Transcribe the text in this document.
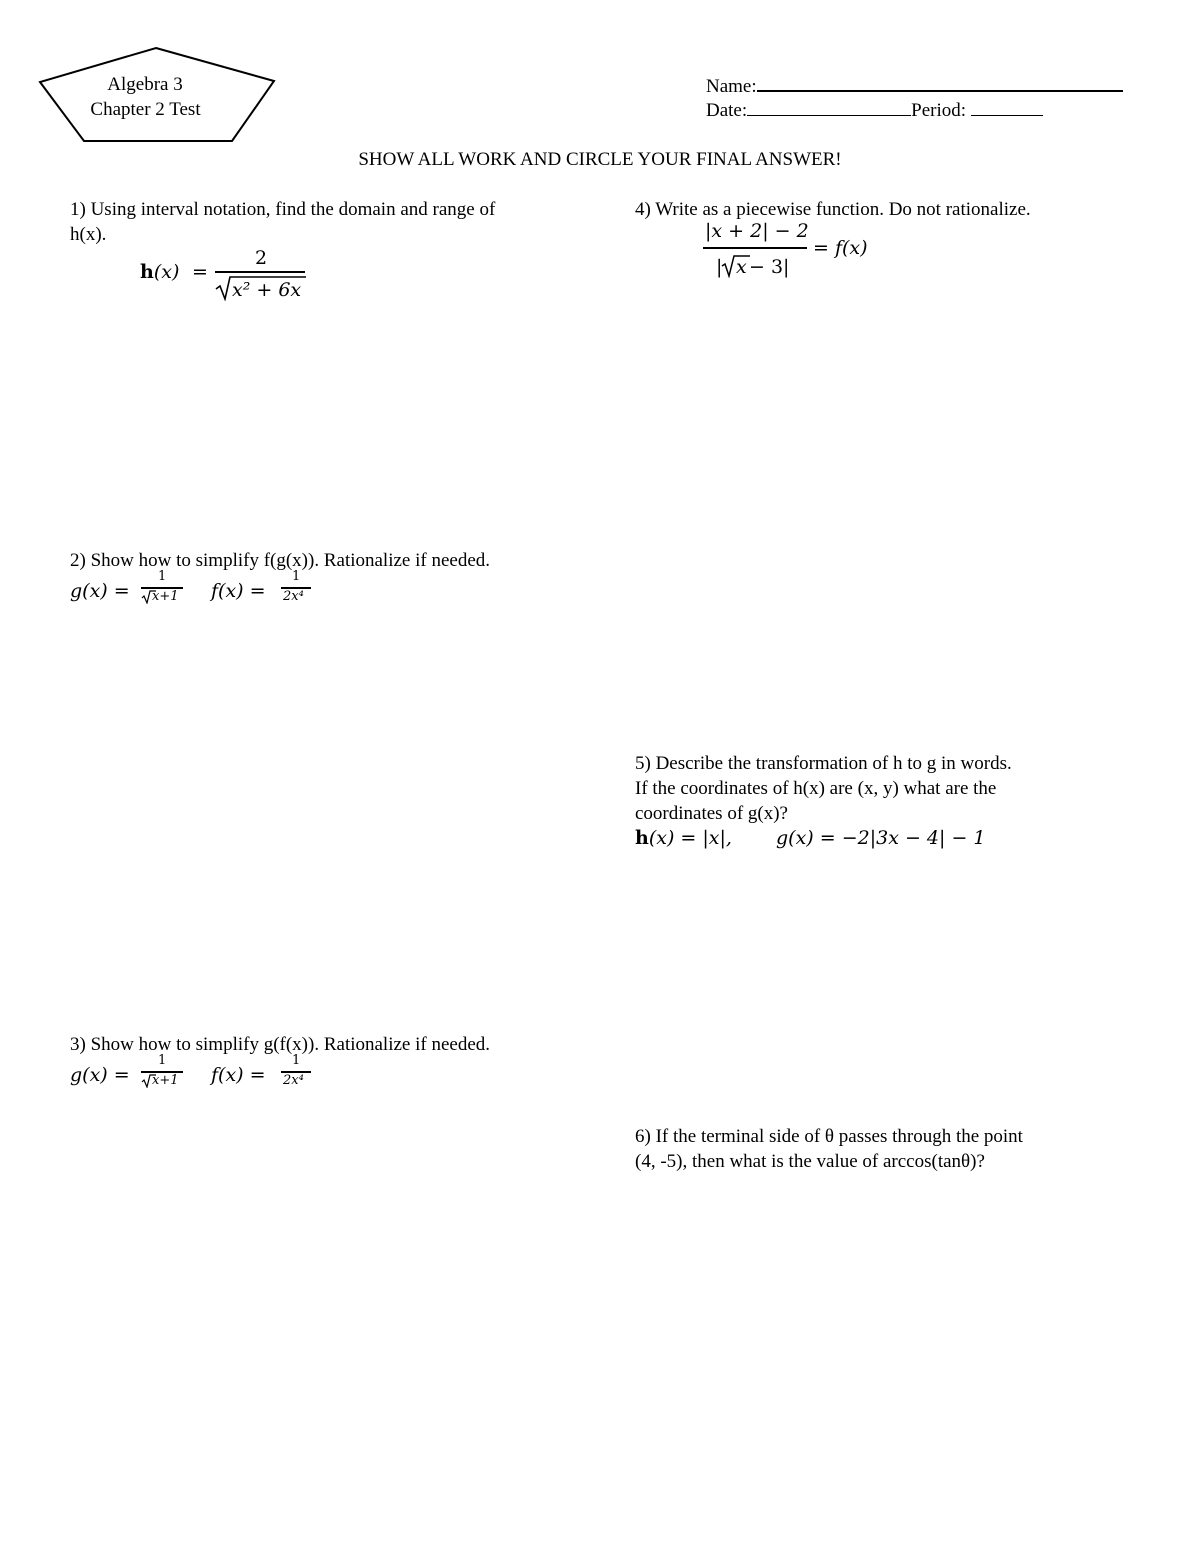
Algebra 3
Chapter 2 Test
Name:
Date:	Period:
SHOW ALL WORK AND CIRCLE YOUR FINAL ANSWER!
1) Using interval notation, find the domain and range of
h(x).
h(x) =
2
x² + 6x
2) Show how to simplify f(g(x)). Rationalize if needed.
g(x) =
1
x+1 f(x) =
1
2x⁴
3) Show how to simplify g(f(x)). Rationalize if needed.
g(x) =
1
x+1 f(x) =
1
2x⁴
4) Write as a piecewise function. Do not rationalize.
|x + 2| − 2
| x − 3|
= f(x)
5) Describe the transformation of h to g in words.
If the coordinates of h(x) are (x, y) what are the
coordinates of g(x)?
h(x) = |x|, g(x) = −2|3x − 4| − 1
6) If the terminal side of θ passes through the point
(4, -5), then what is the value of arccos(tanθ)?
